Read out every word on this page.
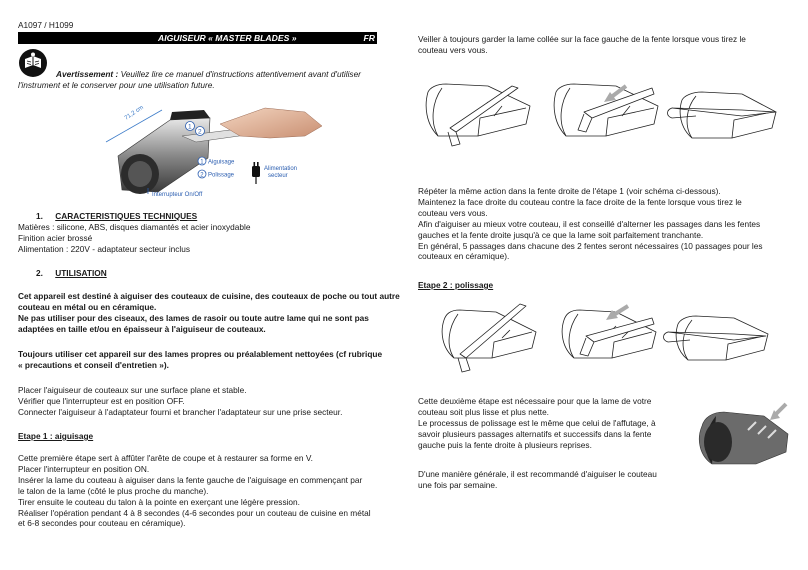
A1097 / H1099
AIGUISEUR « MASTER BLADES »	FR
Avertissement : Veuillez lire ce manuel d'instructions attentivement avant d'utiliser
l'instrument et le conserver pour une utilisation future.
71,2 cm
1
2
1 Aiguisage
2 Polissage
Alimentation
secteur
Interrupteur On/Off
1. CARACTERISTIQUES TECHNIQUES
Matières : silicone, ABS, disques diamantés et acier inoxydable
Finition acier brossé
Alimentation : 220V - adaptateur secteur inclus
2. UTILISATION
Cet appareil est destiné à aiguiser des couteaux de cuisine, des couteaux de poche ou tout autre
couteau en métal ou en céramique.
Ne pas utiliser pour des ciseaux, des lames de rasoir ou toute autre lame qui ne sont pas
adaptées en taille et/ou en épaisseur à l'aiguiseur de couteaux.
Toujours utiliser cet appareil sur des lames propres ou préalablement nettoyées (cf rubrique
« precautions et conseil d'entretien »).
Placer l'aiguiseur de couteaux sur une surface plane et stable.
Vérifier que l'interrupteur est en position OFF.
Connecter l'aiguiseur à l'adaptateur fourni et brancher l'adaptateur sur une prise secteur.
Etape 1 : aiguisage
Cette première étape sert à affûter l'arête de coupe et à restaurer sa forme en V.
Placer l'interrupteur en position ON.
Insérer la lame du couteau à aiguiser dans la fente gauche de l'aiguisage en commençant par
le talon de la lame (côté le plus proche du manche).
Tirer ensuite le couteau du talon à la pointe en exerçant une légère pression.
Réaliser l'opération pendant 4 à 8 secondes (4-6 secondes pour un couteau de cuisine en métal
et 6-8 secondes pour couteau en céramique).
Veiller à toujours garder la lame collée sur la face gauche de la fente lorsque vous tirez le
couteau vers vous.
Répéter la même action dans la fente droite de l'étape 1 (voir schéma ci-dessous).
Maintenez la face droite du couteau contre la face droite de la fente lorsque vous tirez le
couteau vers vous.
Afin d'aiguiser au mieux votre couteau, il est conseillé d'alterner les passages dans les fentes
gauches et la fente droite jusqu'à ce que la lame soit parfaitement tranchante.
En général, 5 passages dans chacune des 2 fentes seront nécessaires (10 passages pour les
couteaux en céramique).
Etape 2 : polissage
Cette deuxième étape est nécessaire pour que la lame de votre
couteau soit plus lisse et plus nette.
Le processus de polissage est le même que celui de l'affutage, à
savoir plusieurs passages alternatifs et successifs dans la fente
gauche puis la fente droite à plusieurs reprises.
D'une manière générale, il est recommandé d'aiguiser le couteau
une fois par semaine.
